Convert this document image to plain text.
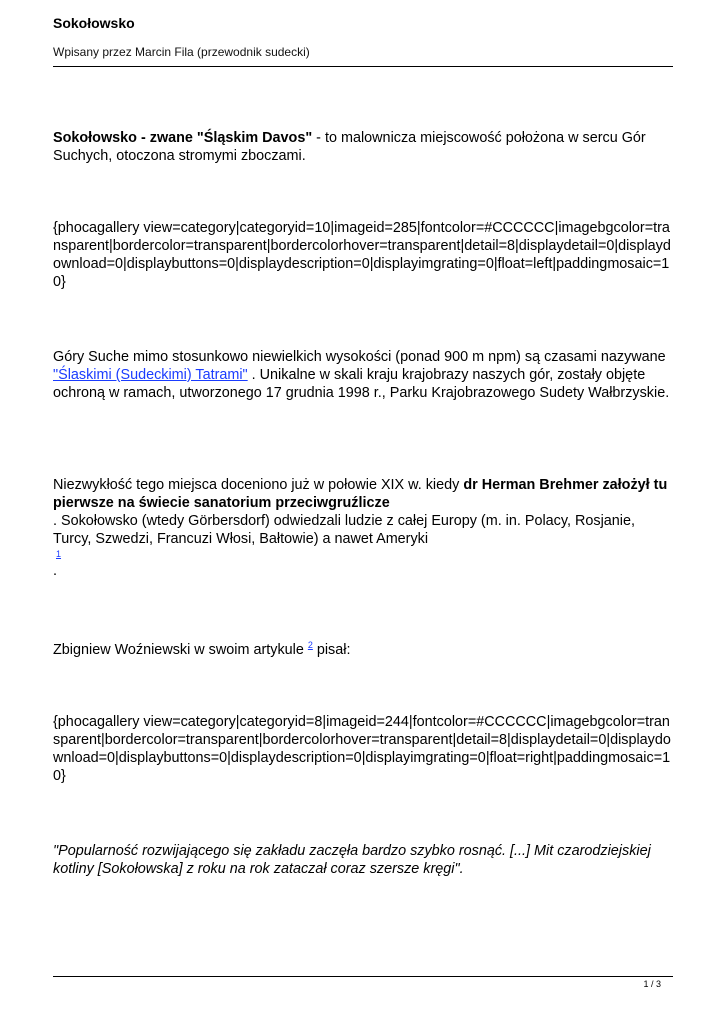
Sokołowsko
Wpisany przez Marcin Fila (przewodnik sudecki)

Sokołowsko - zwane "Śląskim Davos" - to malownicza miejscowość położona w sercu Gór Suchych, otoczona stromymi zboczami.

{phocagallery view=category|categoryid=10|imageid=285|fontcolor=#CCCCCC|imagebgcolor=transparent|bordercolor=transparent|bordercolorhover=transparent|detail=8|displaydetail=0|displaydownload=0|displaybuttons=0|displaydescription=0|displayimgrating=0|float=left|paddingmosaic=10}

Góry Suche mimo stosunkowo niewielkich wysokości (ponad 900 m npm) są czasami nazywane "Ślaskimi (Sudeckimi) Tatrami" . Unikalne w skali kraju krajobrazy naszych gór, zostały objęte ochroną w ramach, utworzonego 17 grudnia 1998 r., Parku Krajobrazowego Sudety Wałbrzyskie.

Niezwykłość tego miejsca doceniono już w połowie XIX w. kiedy dr Herman Brehmer założył tu pierwsze na świecie sanatorium przeciwgruźlicze

. Sokołowsko (wtedy Görbersdorf) odwiedzali ludzie z całej Europy (m. in. Polacy, Rosjanie, Turcy, Szwedzi, Francuzi Włosi, Bałtowie) a nawet Ameryki

1

.

Zbigniew Woźniewski w swoim artykule $^2$ pisał:

{phocagallery view=category|categoryid=8|imageid=244|fontcolor=#CCCCCC|imagebgcolor=transparent|bordercolor=transparent|bordercolorhover=transparent|detail=8|displaydetail=0|displaydownload=0|displaybuttons=0|displaydescription=0|displayimgrating=0|float=right|paddingmosaic=10}
"Popularność rozwijającego się zakładu zaczęła bardzo szybko rosnąć. [...] Mit czarodziejskiej kotliny [Sokołowska] z roku na rok zataczał coraz szersze kręgi".
1 / 3
